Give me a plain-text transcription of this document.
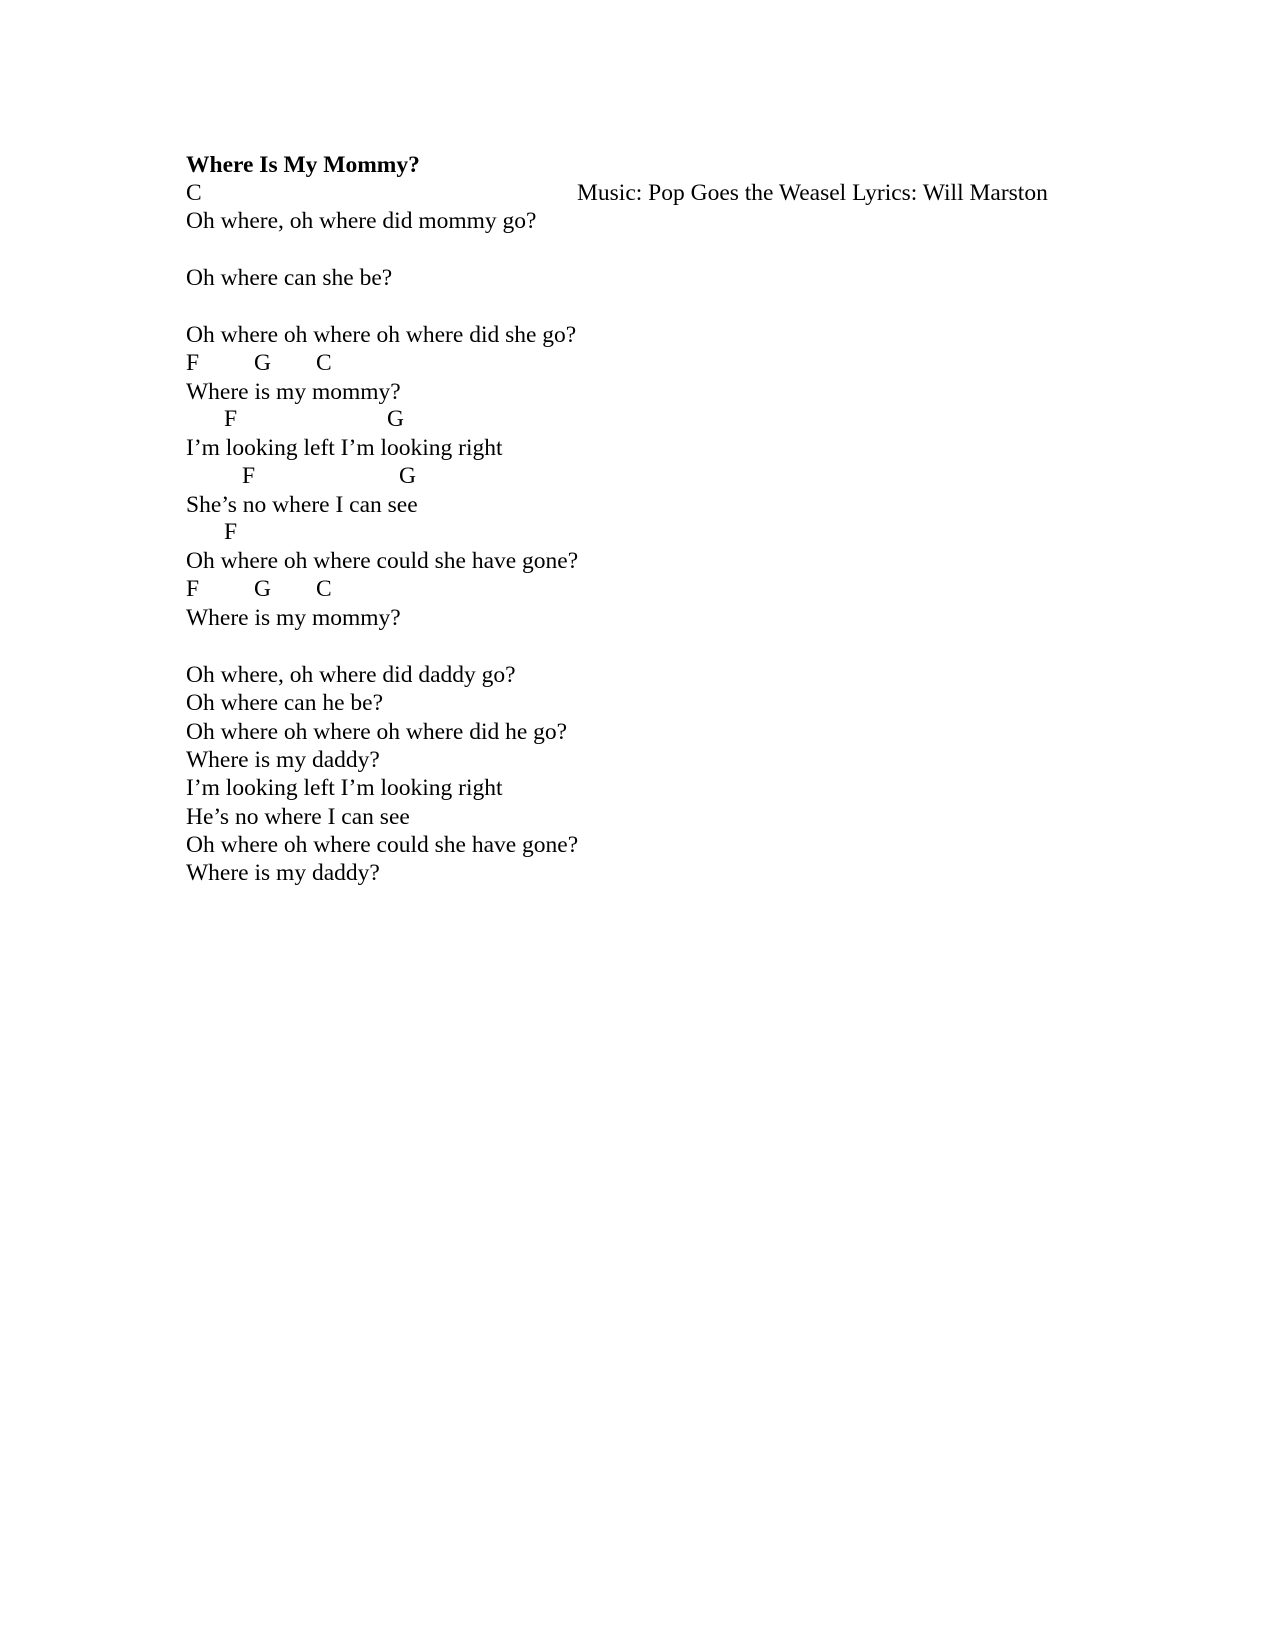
Where Is My Mommy?
C	Music: Pop Goes the Weasel Lyrics: Will Marston
Oh where, oh where did mommy go?
Oh where can she be?
Oh where oh where oh where did she go?
F G C
Where is my mommy?
F	G
I’m looking left I’m looking right
F	G
She’s no where I can see
F
Oh where oh where could she have gone?
F G C
Where is my mommy?
Oh where, oh where did daddy go?
Oh where can he be?
Oh where oh where oh where did he go?
Where is my daddy?
I’m looking left I’m looking right
He’s no where I can see
Oh where oh where could she have gone?
Where is my daddy?
